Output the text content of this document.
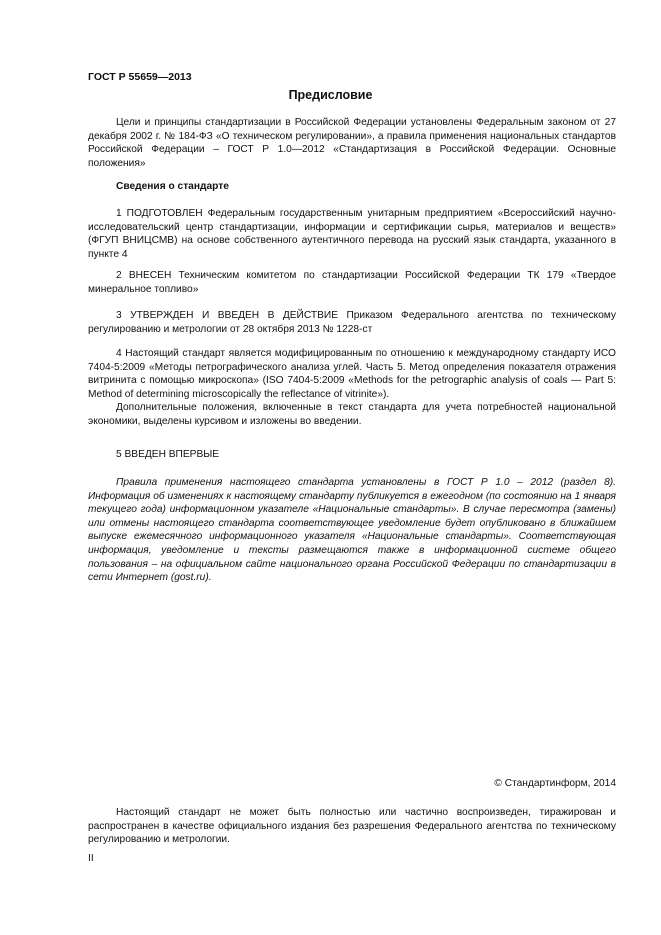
ГОСТ Р 55659—2013
Предисловие

Цели и принципы стандартизации в Российской Федерации установлены Федеральным законом от 27 декабря 2002 г. № 184-ФЗ «О техническом регулировании», а правила применения национальных стандартов Российской Федерации – ГОСТ Р 1.0—2012 «Стандартизация в Российской Федерации. Основные положения»

Сведения о стандарте

1 ПОДГОТОВЛЕН Федеральным государственным унитарным предприятием «Всероссийский научно-исследовательский центр стандартизации, информации и сертификации сырья, материалов и веществ» (ФГУП ВНИЦСМВ) на основе собственного аутентичного перевода на русский язык стандарта, указанного в пункте 4

2 ВНЕСЕН Техническим комитетом по стандартизации Российской Федерации ТК 179 «Твердое минеральное топливо»

3 УТВЕРЖДЕН И ВВЕДЕН В ДЕЙСТВИЕ Приказом Федерального агентства по техническому регулированию и метрологии от 28 октября 2013 № 1228-ст

4 Настоящий стандарт является модифицированным по отношению к международному стандарту ИСО 7404-5:2009 «Методы петрографического анализа углей. Часть 5. Метод определения показателя отражения витринита с помощью микроскопа» (ISO 7404-5:2009 «Methods for the petrographic analysis of coals — Part 5: Method of determining microscopically the reflectance of vitrinite»).

Дополнительные положения, включенные в текст стандарта для учета потребностей национальной экономики, выделены курсивом и изложены во введении.

5 ВВЕДЕН ВПЕРВЫЕ

Правила применения настоящего стандарта установлены в ГОСТ Р 1.0 – 2012 (раздел 8). Информация об изменениях к настоящему стандарту публикуется в ежегодном (по состоянию на 1 января текущего года) информационном указателе «Национальные стандарты». В случае пересмотра (замены) или отмены настоящего стандарта соответствующее уведомление будет опубликовано в ближайшем выпуске ежемесячного информационного указателя «Национальные стандарты». Соответствующая информация, уведомление и тексты размещаются также в информационной системе общего пользования – на официальном сайте национального органа Российской Федерации по стандартизации в сети Интернет (gost.ru).

© Стандартинформ, 2014

Настоящий стандарт не может быть полностью или частично воспроизведен, тиражирован и распространен в качестве официального издания без разрешения Федерального агентства по техническому регулированию и метрологии.

II
